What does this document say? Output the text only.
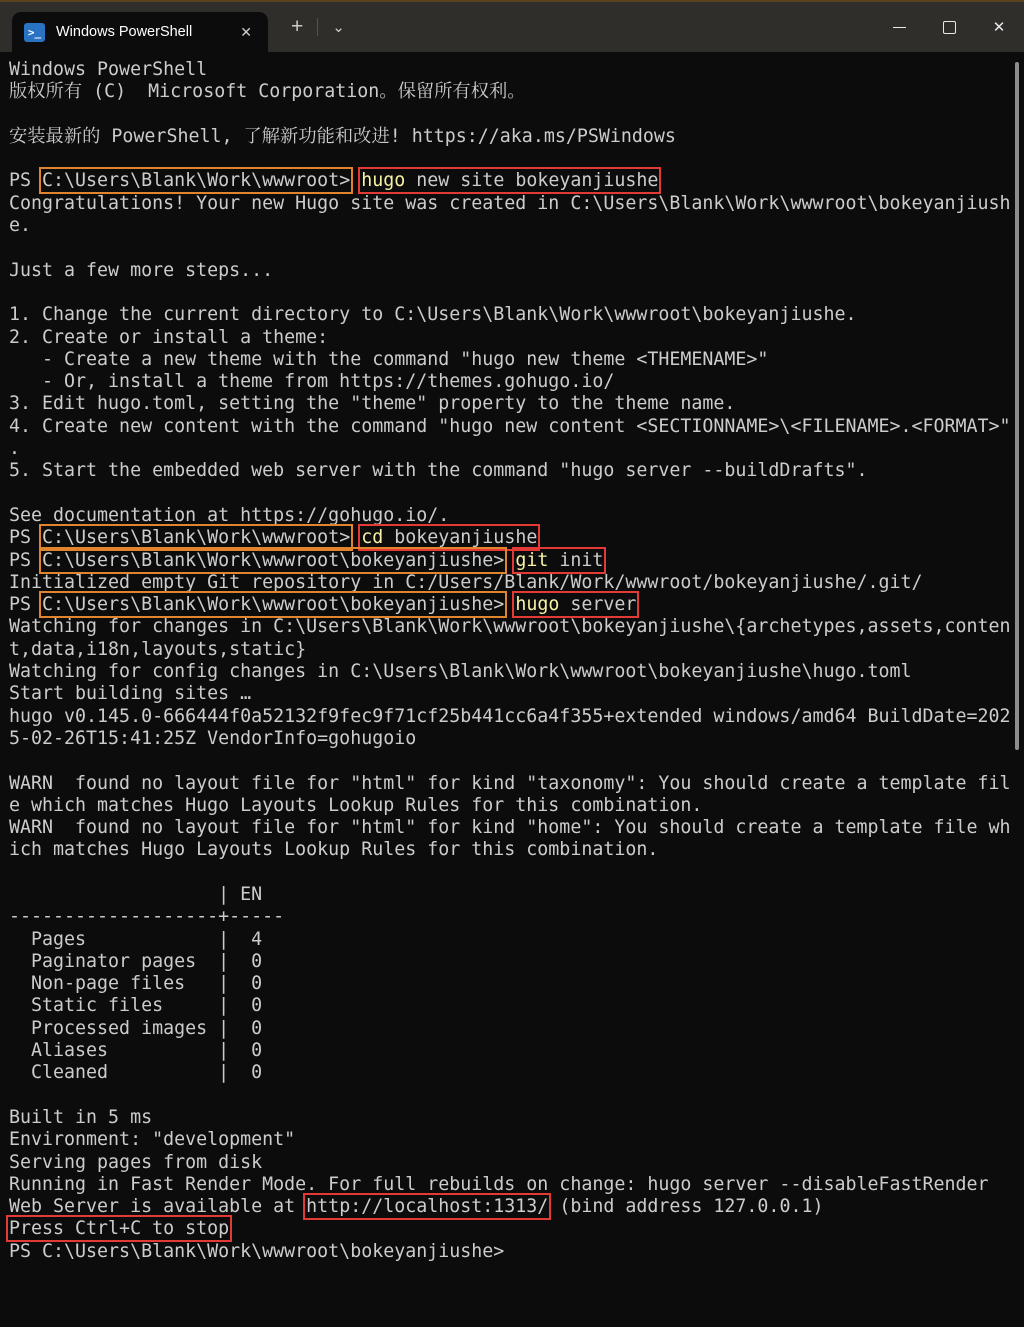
>_ Windows PowerShell	✕ +	⌄	✕
Windows PowerShell
版权所有 (C)  Microsoft Corporation。保留所有权利。

安装最新的 PowerShell, 了解新功能和改进! https://aka.ms/PSWindows

PS C:\Users\Blank\Work\wwwroot> hugo new site bokeyanjiushe
Congratulations! Your new Hugo site was created in C:\Users\Blank\Work\wwwroot\bokeyanjiush
e.

Just a few more steps...

1. Change the current directory to C:\Users\Blank\Work\wwwroot\bokeyanjiushe.
2. Create or install a theme:
- Create a new theme with the command "hugo new theme <THEMENAME>"
- Or, install a theme from https://themes.gohugo.io/
3. Edit hugo.toml, setting the "theme" property to the theme name.
4. Create new content with the command "hugo new content <SECTIONNAME>\<FILENAME>.<FORMAT>"
.
5. Start the embedded web server with the command "hugo server --buildDrafts".

See documentation at https://gohugo.io/.
PS C:\Users\Blank\Work\wwwroot> cd bokeyanjiushe
PS C:\Users\Blank\Work\wwwroot\bokeyanjiushe> git init
Initialized empty Git repository in C:/Users/Blank/Work/wwwroot/bokeyanjiushe/.git/
PS C:\Users\Blank\Work\wwwroot\bokeyanjiushe> hugo server
Watching for changes in C:\Users\Blank\Work\wwwroot\bokeyanjiushe\{archetypes,assets,conten
t,data,i18n,layouts,static}
Watching for config changes in C:\Users\Blank\Work\wwwroot\bokeyanjiushe\hugo.toml
Start building sites …
hugo v0.145.0-666444f0a52132f9fec9f71cf25b441cc6a4f355+extended windows/amd64 BuildDate=202
5-02-26T15:41:25Z VendorInfo=gohugoio

WARN  found no layout file for "html" for kind "taxonomy": You should create a template fil
e which matches Hugo Layouts Lookup Rules for this combination.
WARN  found no layout file for "html" for kind "home": You should create a template file wh
ich matches Hugo Layouts Lookup Rules for this combination.

| EN
-------------------+-----
Pages            |  4
Paginator pages  |  0
Non-page files   |  0
Static files     |  0
Processed images |  0
Aliases          |  0
Cleaned          |  0

Built in 5 ms
Environment: "development"
Serving pages from disk
Running in Fast Render Mode. For full rebuilds on change: hugo server --disableFastRender
Web Server is available at http://localhost:1313/ (bind address 127.0.0.1)
Press Ctrl+C to stop
PS C:\Users\Blank\Work\wwwroot\bokeyanjiushe>
